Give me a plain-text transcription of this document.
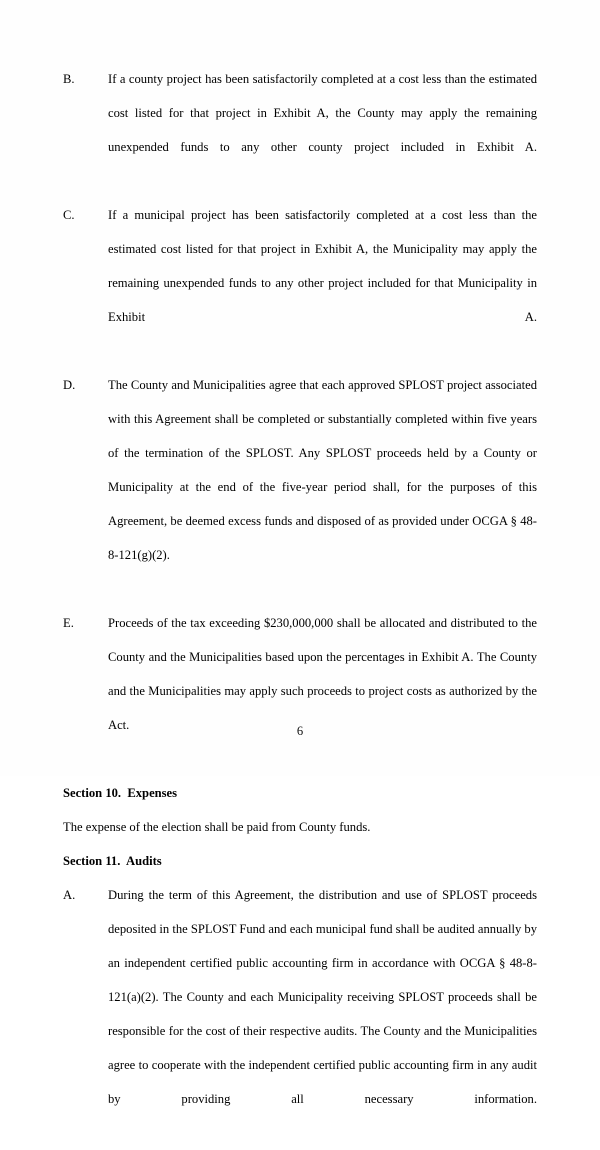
B.	If a county project has been satisfactorily completed at a cost less than the estimated cost listed for that project in Exhibit A, the County may apply the remaining unexpended funds to any other county project included in Exhibit A.
C.	If a municipal project has been satisfactorily completed at a cost less than the estimated cost listed for that project in Exhibit A, the Municipality may apply the remaining unexpended funds to any other project included for that Municipality in Exhibit A.
D.	The County and Municipalities agree that each approved SPLOST project associated with this Agreement shall be completed or substantially completed within five years of the termination of the SPLOST. Any SPLOST proceeds held by a County or Municipality at the end of the five-year period shall, for the purposes of this Agreement, be deemed excess funds and disposed of as provided under OCGA § 48-8-121(g)(2).
E.	Proceeds of the tax exceeding $230,000,000 shall be allocated and distributed to the County and the Municipalities based upon the percentages in Exhibit A. The County and the Municipalities may apply such proceeds to project costs as authorized by the Act.
Section 10.  Expenses
The expense of the election shall be paid from County funds.
Section 11.  Audits
A.	During the term of this Agreement, the distribution and use of SPLOST proceeds deposited in the SPLOST Fund and each municipal fund shall be audited annually by an independent certified public accounting firm in accordance with OCGA § 48-8-121(a)(2). The County and each Municipality receiving SPLOST proceeds shall be responsible for the cost of their respective audits. The County and the Municipalities agree to cooperate with the independent certified public accounting firm in any audit by providing all necessary information.
6
